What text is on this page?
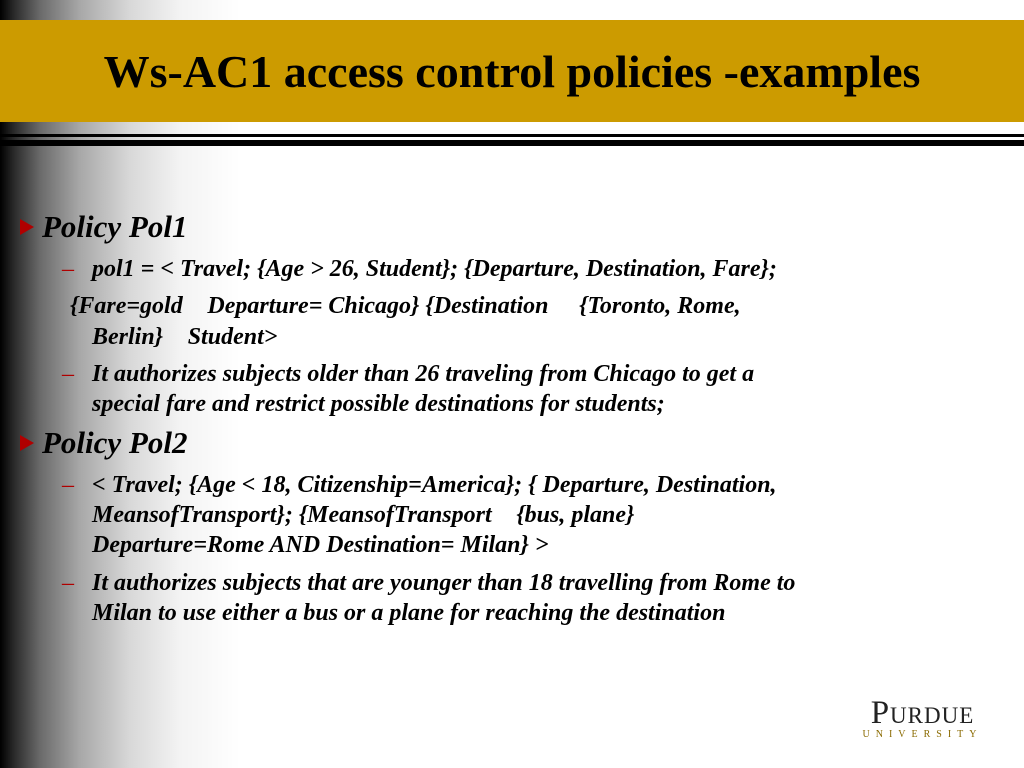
Ws-AC1 access control policies -examples
Policy Pol1
– pol1 = < Travel; {Age > 26, Student}; {Departure, Destination, Fare};
{Fare=gold Departure= Chicago} {Destination {Toronto, Rome,
Berlin} Student>
– It authorizes subjects older than 26 traveling from Chicago to get a
special fare and restrict possible destinations for students;
Policy Pol2
– < Travel; {Age < 18, Citizenship=America}; { Departure, Destination,
MeansofTransport}; {MeansofTransport {bus, plane}
Departure=Rome AND Destination= Milan} >
– It authorizes subjects that are younger than 18 travelling from Rome to
Milan to use either a bus or a plane for reaching the destination
Purdue
UNIVERSITY
